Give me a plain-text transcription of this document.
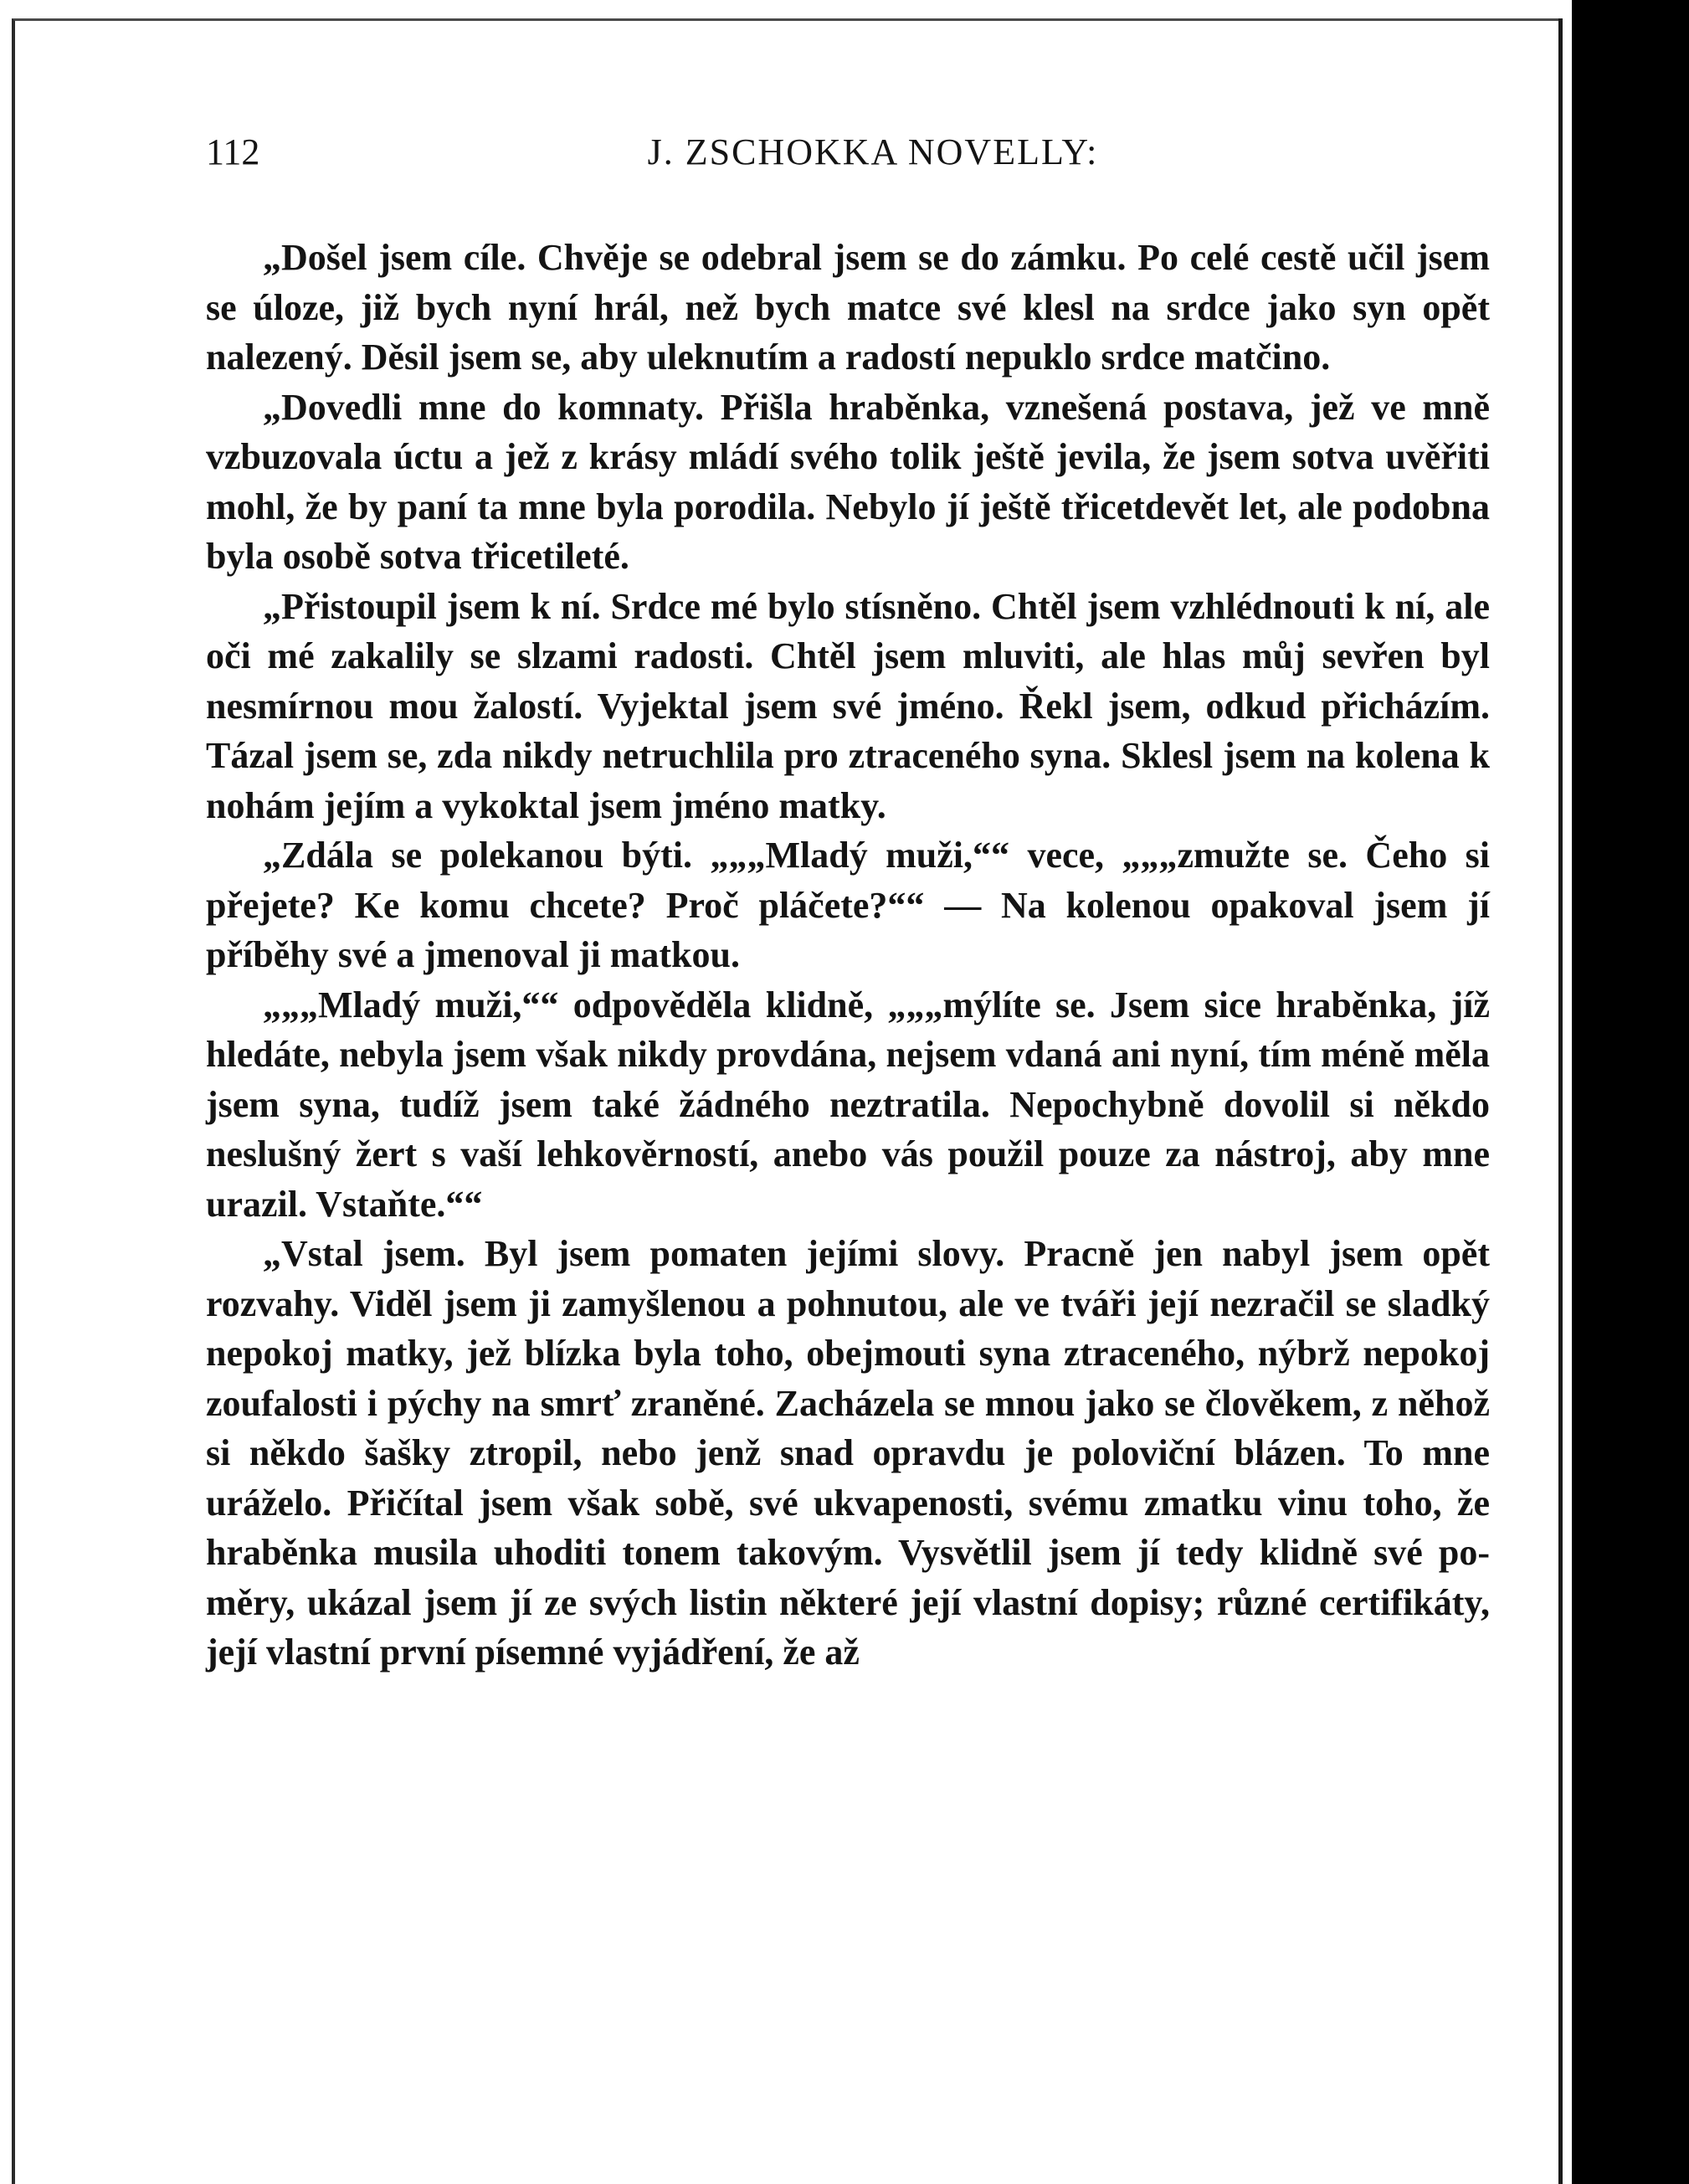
112	J. ZSCHOKKA NOVELLY:

„Došel jsem cíle. Chvěje se odebral jsem se do zámku. Po celé cestě učil jsem se úloze, již bych nyní hrál, než bych matce své klesl na srdce jako syn opět nalezený. Děsil jsem se, aby uleknutím a radostí nepuklo srdce matčino.

„Dovedli mne do komnaty. Přišla hraběnka, vznešená postava, jež ve mně vzbuzovala úctu a jež z krásy mládí svého tolik ještě jevila, že jsem sotva uvěřiti mohl, že by paní ta mne byla porodila. Nebylo jí ještě třicetdevět let, ale podobna byla osobě sotva třicetileté.

„Přistoupil jsem k ní. Srdce mé bylo stísněno. Chtěl jsem vzhlédnouti k ní, ale oči mé zakalily se slzami radosti. Chtěl jsem mluviti, ale hlas můj sevřen byl nesmírnou mou žalostí. Vyjektal jsem své jméno. Řekl jsem, odkud přicházím. Tázal jsem se, zda nikdy netruchlila pro ztraceného syna. Sklesl jsem na kolena k nohám jejím a vykoktal jsem jméno matky.

„Zdála se polekanou býti. „„„Mladý muži,““ vece, „„„zmužte se. Čeho si přejete? Ke komu chcete? Proč pláčete?““ — Na kolenou opakoval jsem jí příběhy své a jmenoval ji matkou.

„„„Mladý muži,““ odpověděla klidně, „„„mýlíte se. Jsem sice hraběnka, jíž hledáte, nebyla jsem však nikdy provdána, nejsem vdaná ani nyní, tím méně měla jsem syna, tudíž jsem také žádného neztratila. Nepochybně dovolil si někdo neslušný žert s vaší lehkověrností, anebo vás použil pouze za nástroj, aby mne urazil. Vstaňte.““

„Vstal jsem. Byl jsem pomaten jejími slovy. Pracně jen nabyl jsem opět rozvahy. Viděl jsem ji zamyšlenou a pohnutou, ale ve tváři její nezračil se sladký nepokoj matky, jež blízka byla toho, obejmouti syna ztraceného, nýbrž nepokoj zoufalosti i pýchy na smrť zraněné. Zacházela se mnou jako se člověkem, z něhož si někdo šašky ztropil, nebo jenž snad opravdu je poloviční blázen. To mne uráželo. Přičítal jsem však sobě, své ukvapenosti, svému zmatku vinu toho, že hraběnka musila uhoditi tonem takovým. Vysvětlil jsem jí tedy klidně své poměry, ukázal jsem jí ze svých listin některé její vlastní dopisy; různé certifikáty, její vlastní první písemné vyjádření, že až
